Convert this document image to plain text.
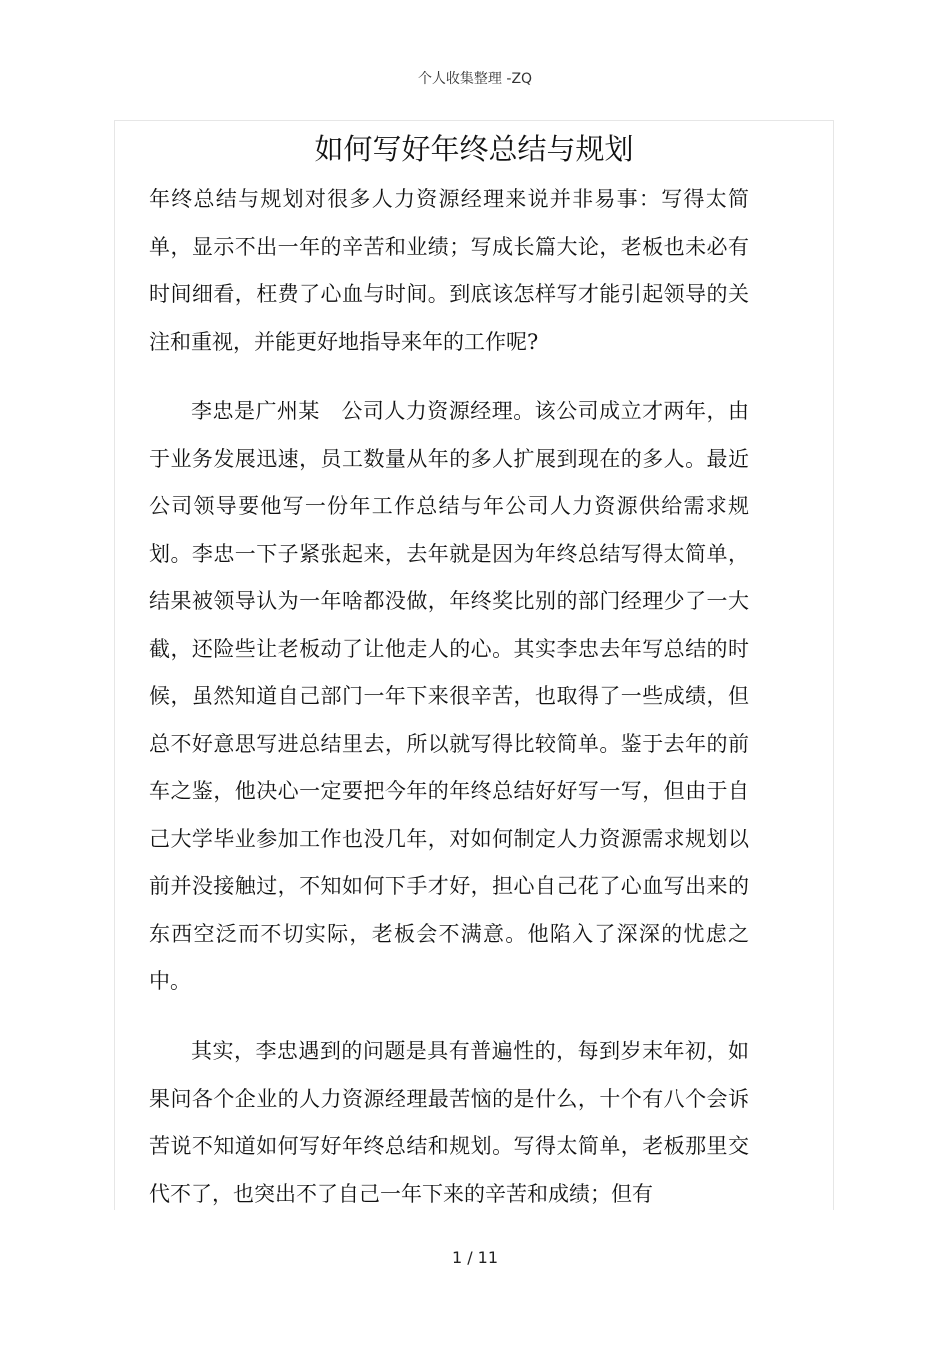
个人收集整理 -ZQ
如何写好年终总结与规划

年终总结与规划对很多人力资源经理来说并非易事：写得太简单，显示不出一年的辛苦和业绩；写成长篇大论，老板也未必有时间细看，枉费了心血与时间。到底该怎样写才能引起领导的关注和重视，并能更好地指导来年的工作呢?

李忠是广州某　公司人力资源经理。该公司成立才两年，由于业务发展迅速，员工数量从年的多人扩展到现在的多人。最近公司领导要他写一份年工作总结与年公司人力资源供给需求规划。李忠一下子紧张起来，去年就是因为年终总结写得太简单，结果被领导认为一年啥都没做，年终奖比别的部门经理少了一大截，还险些让老板动了让他走人的心。其实李忠去年写总结的时候，虽然知道自己部门一年下来很辛苦，也取得了一些成绩，但总不好意思写进总结里去，所以就写得比较简单。鉴于去年的前车之鉴，他决心一定要把今年的年终总结好好写一写，但由于自己大学毕业参加工作也没几年，对如何制定人力资源需求规划以前并没接触过，不知如何下手才好，担心自己花了心血写出来的东西空泛而不切实际，老板会不满意。他陷入了深深的忧虑之中。

其实，李忠遇到的问题是具有普遍性的，每到岁末年初，如果问各个企业的人力资源经理最苦恼的是什么，十个有八个会诉苦说不知道如何写好年终总结和规划。写得太简单，老板那里交代不了，也突出不了自己一年下来的辛苦和成绩；但有

1 / 11
